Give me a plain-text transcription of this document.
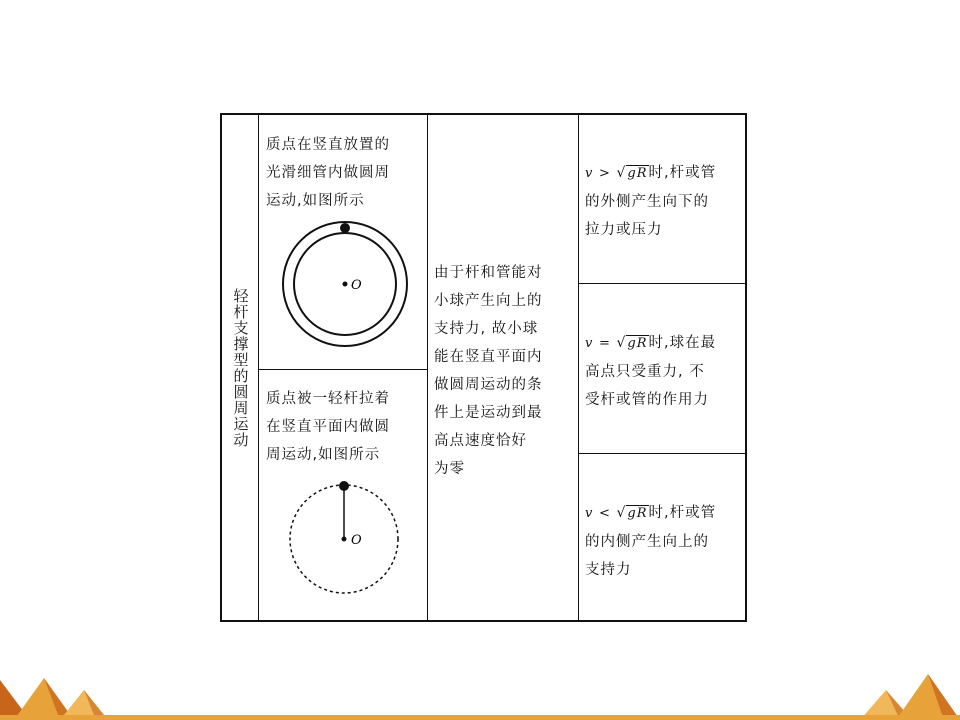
轻杆支撑型的圆周运动
质点在竖直放置的
光滑细管内做圆周
运动,如图所示
O
质点被一轻杆拉着
在竖直平面内做圆
周运动,如图所示
O
由于杆和管能对
小球产生向上的
支持力, 故小球
能在竖直平面内
做圆周运动的条
件上是运动到最
高点速度恰好
为零
v > √gR时,杆或管
的外侧产生向下的
拉力或压力
v = √gR时,球在最
高点只受重力, 不
受杆或管的作用力
v < √gR时,杆或管
的内侧产生向上的
支持力
